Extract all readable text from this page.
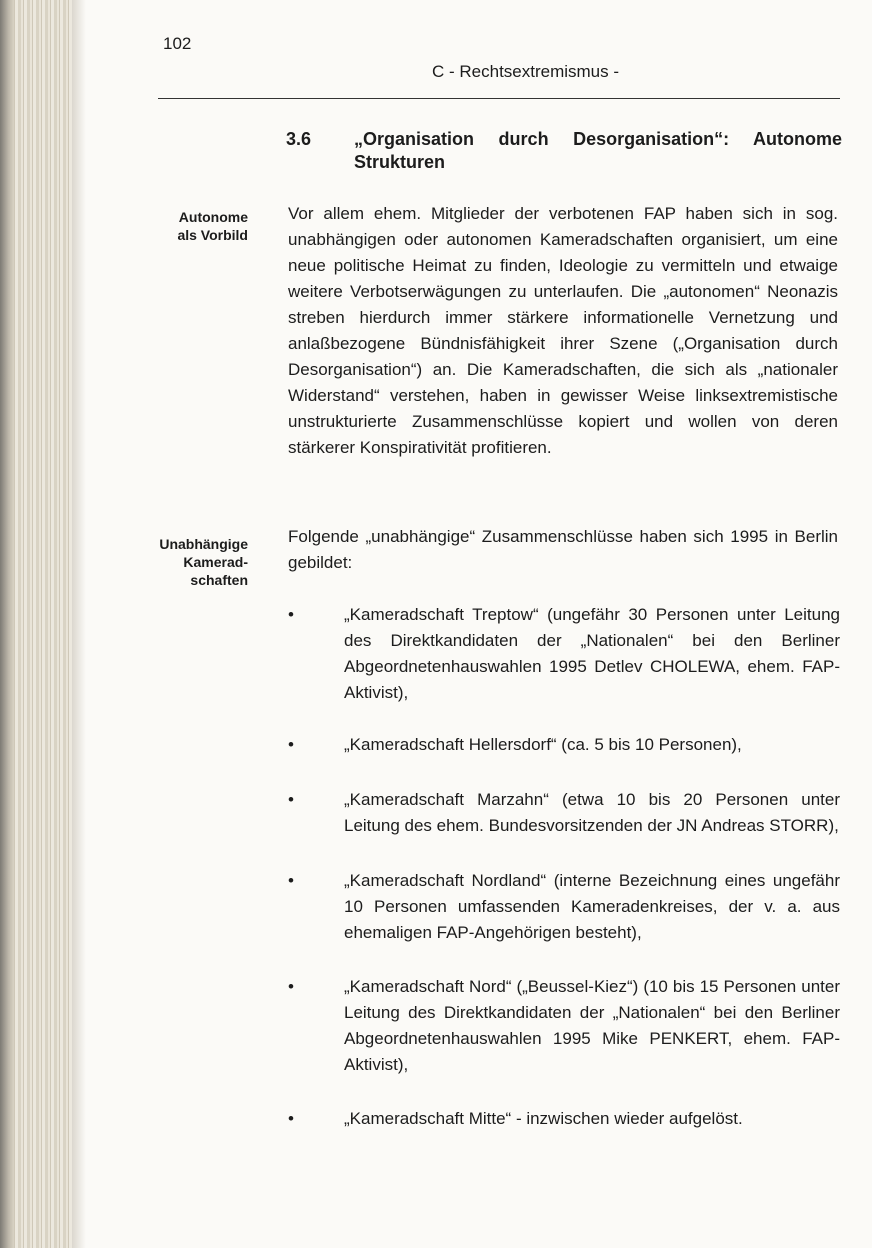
102
C - Rechtsextremismus -
3.6 „Organisation durch Desorganisation“: Autonome Strukturen
Autonome
als Vorbild

Vor allem ehem. Mitglieder der verbotenen FAP haben sich in sog. unabhängigen oder autonomen Kameradschaften organisiert, um eine neue politische Heimat zu finden, Ideologie zu vermitteln und etwaige weitere Verbotserwägungen zu unterlaufen. Die „autonomen“ Neonazis streben hierdurch immer stärkere informationelle Vernetzung und anlaßbezogene Bündnisfähigkeit ihrer Szene („Organisation durch Desorganisation“) an. Die Kameradschaften, die sich als „nationaler Widerstand“ verstehen, haben in gewisser Weise linksextremistische unstrukturierte Zusammenschlüsse kopiert und wollen von deren stärkerer Konspirativität profitieren.

Unabhängige
Kamerad-
schaften

Folgende „unabhängige“ Zusammenschlüsse haben sich 1995 in Berlin gebildet:

•	„Kameradschaft Treptow“ (ungefähr 30 Personen unter Leitung des Direktkandidaten der „Nationalen“ bei den Berliner Abgeordnetenhauswahlen 1995 Detlev CHOLEWA, ehem. FAP-Aktivist),
•	„Kameradschaft Hellersdorf“ (ca. 5 bis 10 Personen),
•	„Kameradschaft Marzahn“ (etwa 10 bis 20 Personen unter Leitung des ehem. Bundesvorsitzenden der JN Andreas STORR),
•	„Kameradschaft Nordland“ (interne Bezeichnung eines ungefähr 10 Personen umfassenden Kameradenkreises, der v. a. aus ehemaligen FAP-Angehörigen besteht),
•	„Kameradschaft Nord“ („Beussel-Kiez“) (10 bis 15 Personen unter Leitung des Direktkandidaten der „Nationalen“ bei den Berliner Abgeordnetenhauswahlen 1995 Mike PENKERT, ehem. FAP-Aktivist),
•	„Kameradschaft Mitte“ - inzwischen wieder aufgelöst.
